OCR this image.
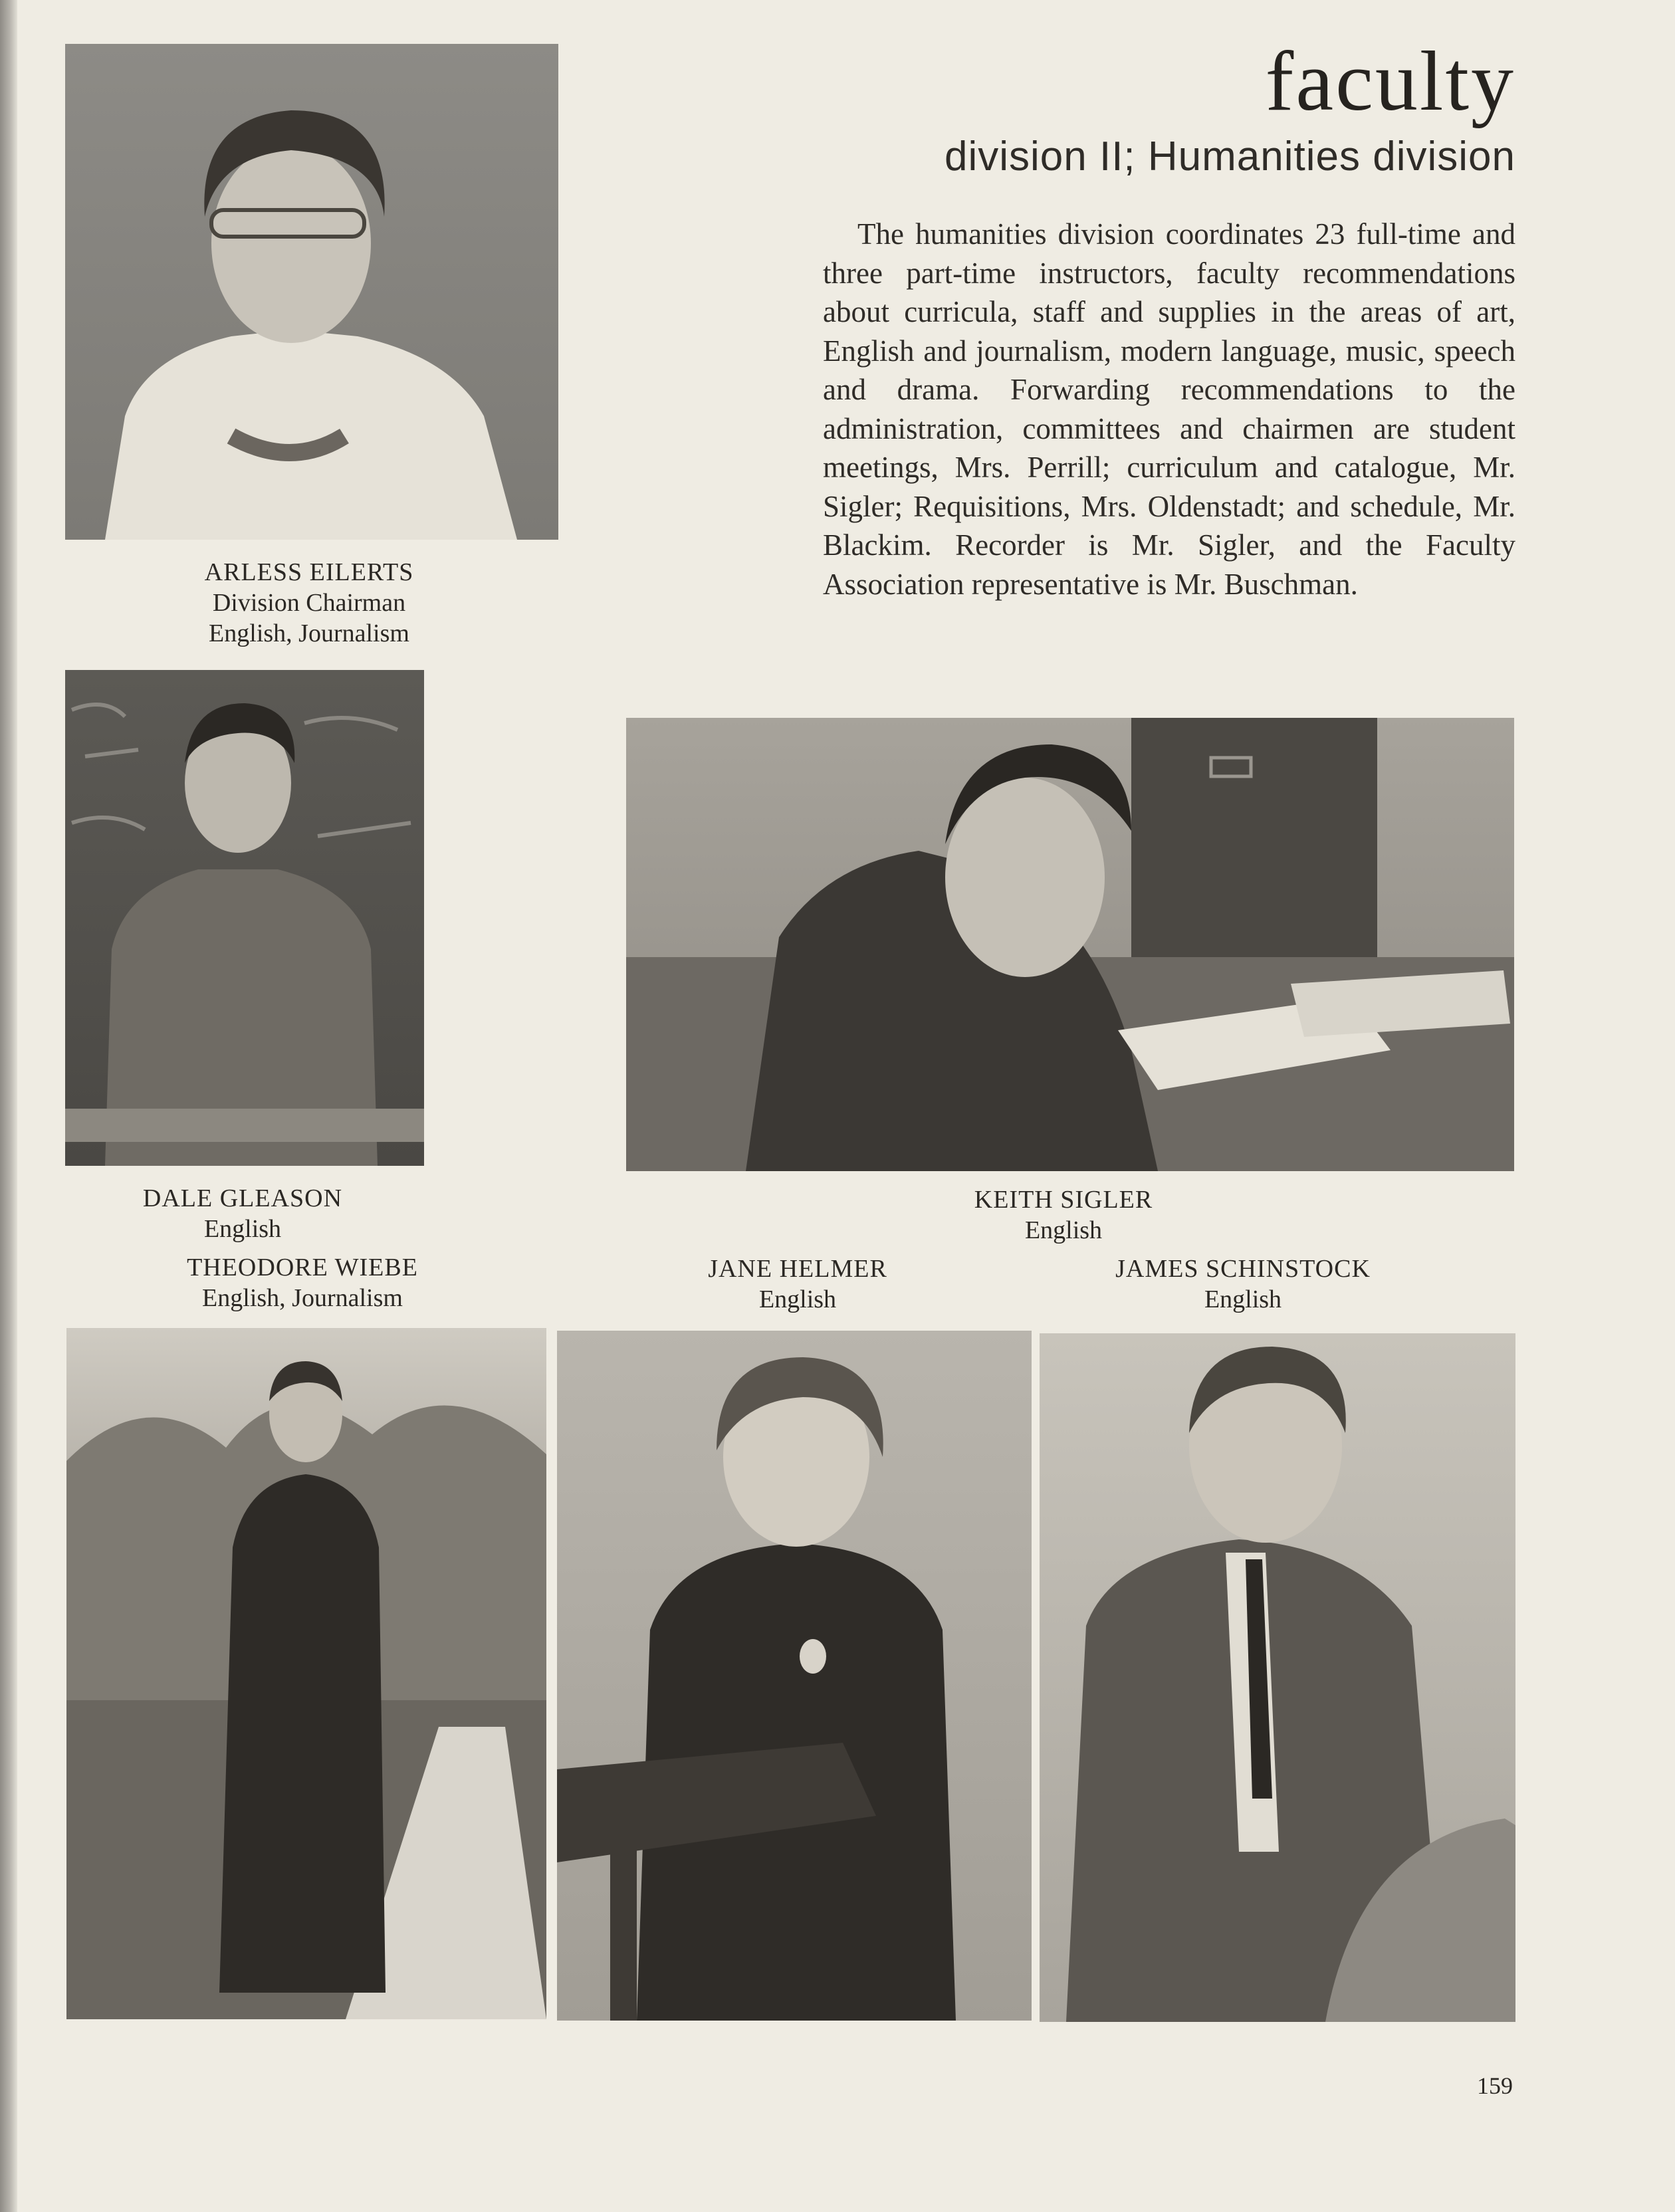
faculty
division II; Humanities division

The humanities division coordinates 23 full-time and three part-time instructors, faculty recommendations about curricula, staff and supplies in the areas of art, English and journalism, modern language, music, speech and drama. Forwarding recommendations to the administration, committees and chairmen are student meetings, Mrs. Perrill; curriculum and catalogue, Mr. Sigler; Requisitions, Mrs. Oldenstadt; and schedule, Mr. Blackim. Recorder is Mr. Sigler, and the Faculty Association representative is Mr. Buschman.

ARLESS EILERTS
Division Chairman
English, Journalism
DALE GLEASON
English
KEITH SIGLER
English
THEODORE WIEBE
English, Journalism
JANE HELMER
English
JAMES SCHINSTOCK
English
159
